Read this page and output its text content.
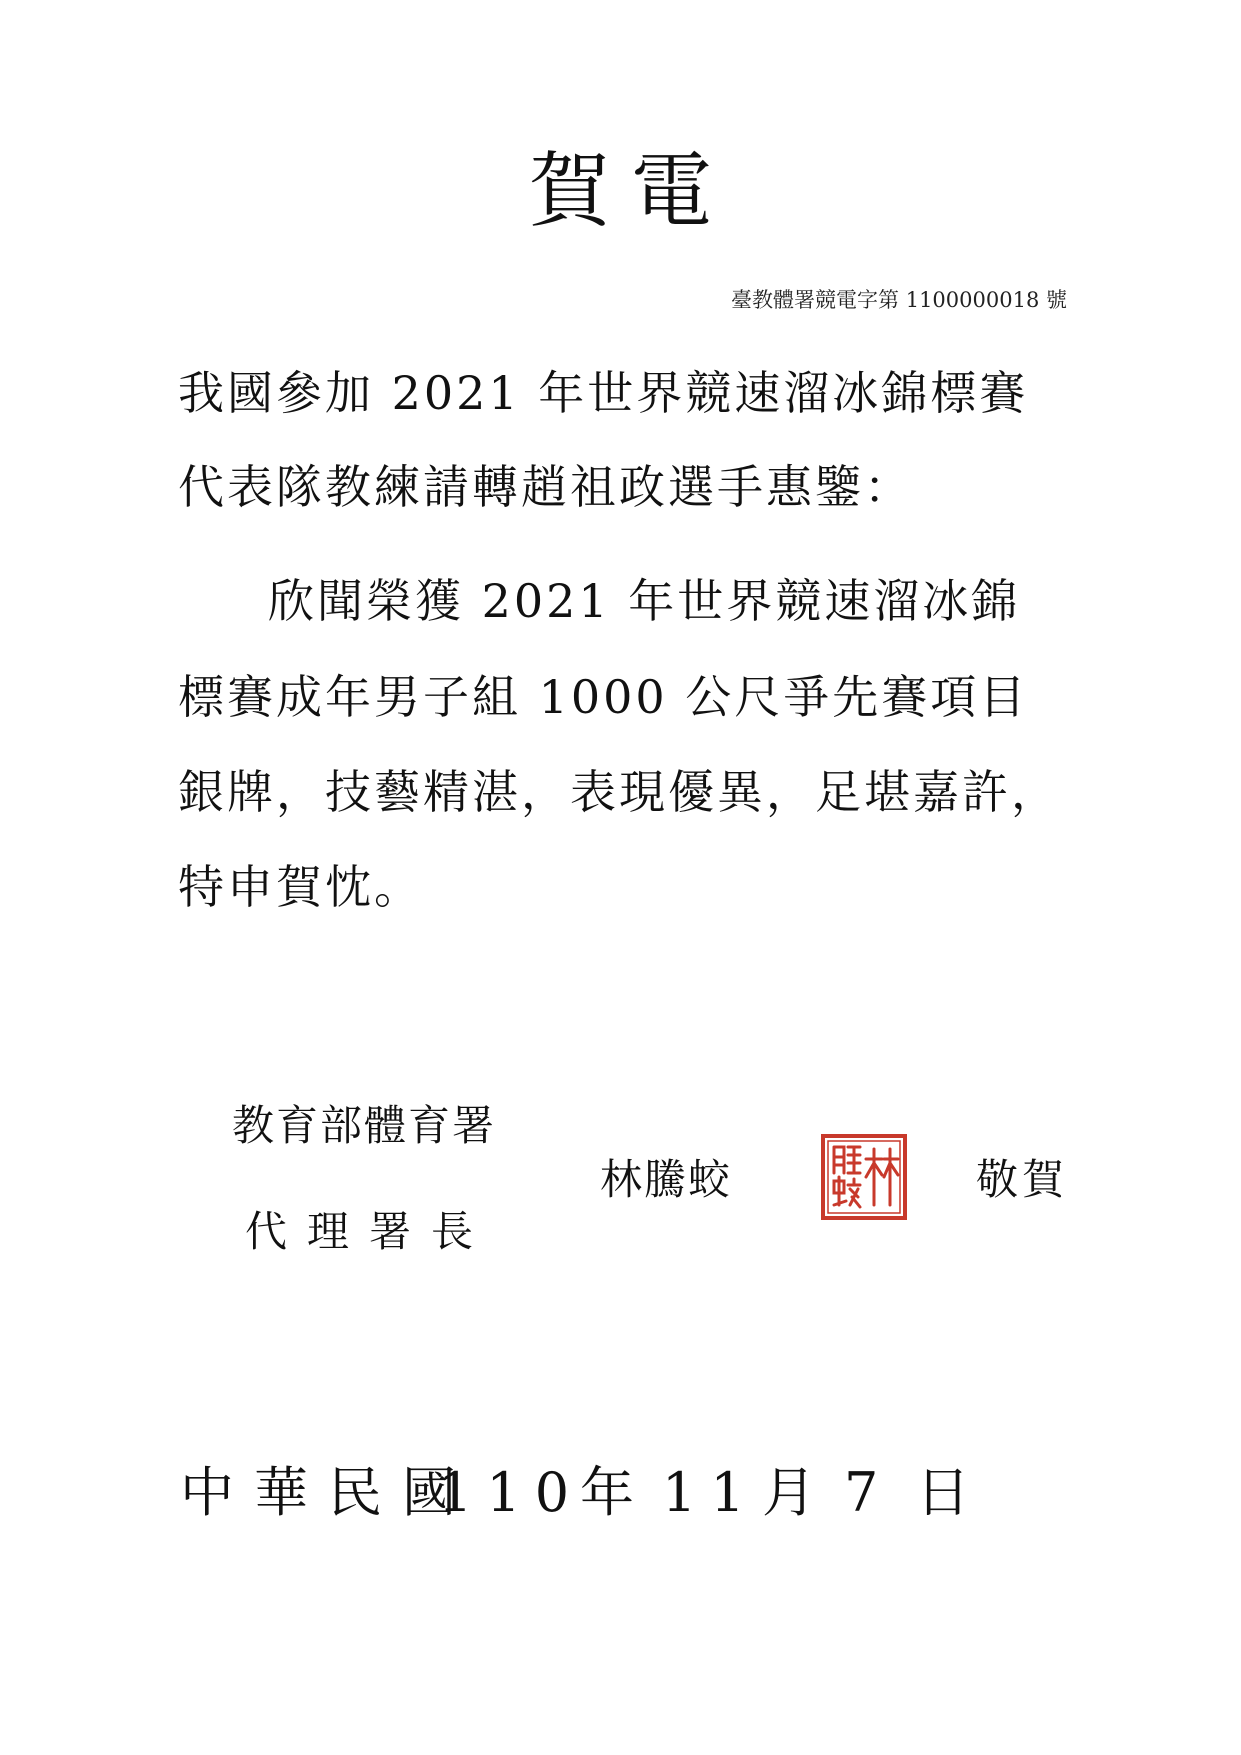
賀電
臺教體署競電字第 1100000018 號
我國參加 2021 年世界競速溜冰錦標賽
代表隊教練請轉趙祖政選手惠鑒：
欣聞榮獲 2021 年世界競速溜冰錦
標賽成年男子組 1000 公尺爭先賽項目
銀牌，技藝精湛，表現優異，足堪嘉許，
特申賀忱。
教育部體育署
代理署長
林騰蛟	敬賀
中華民國
110
年 11 月 7 日
